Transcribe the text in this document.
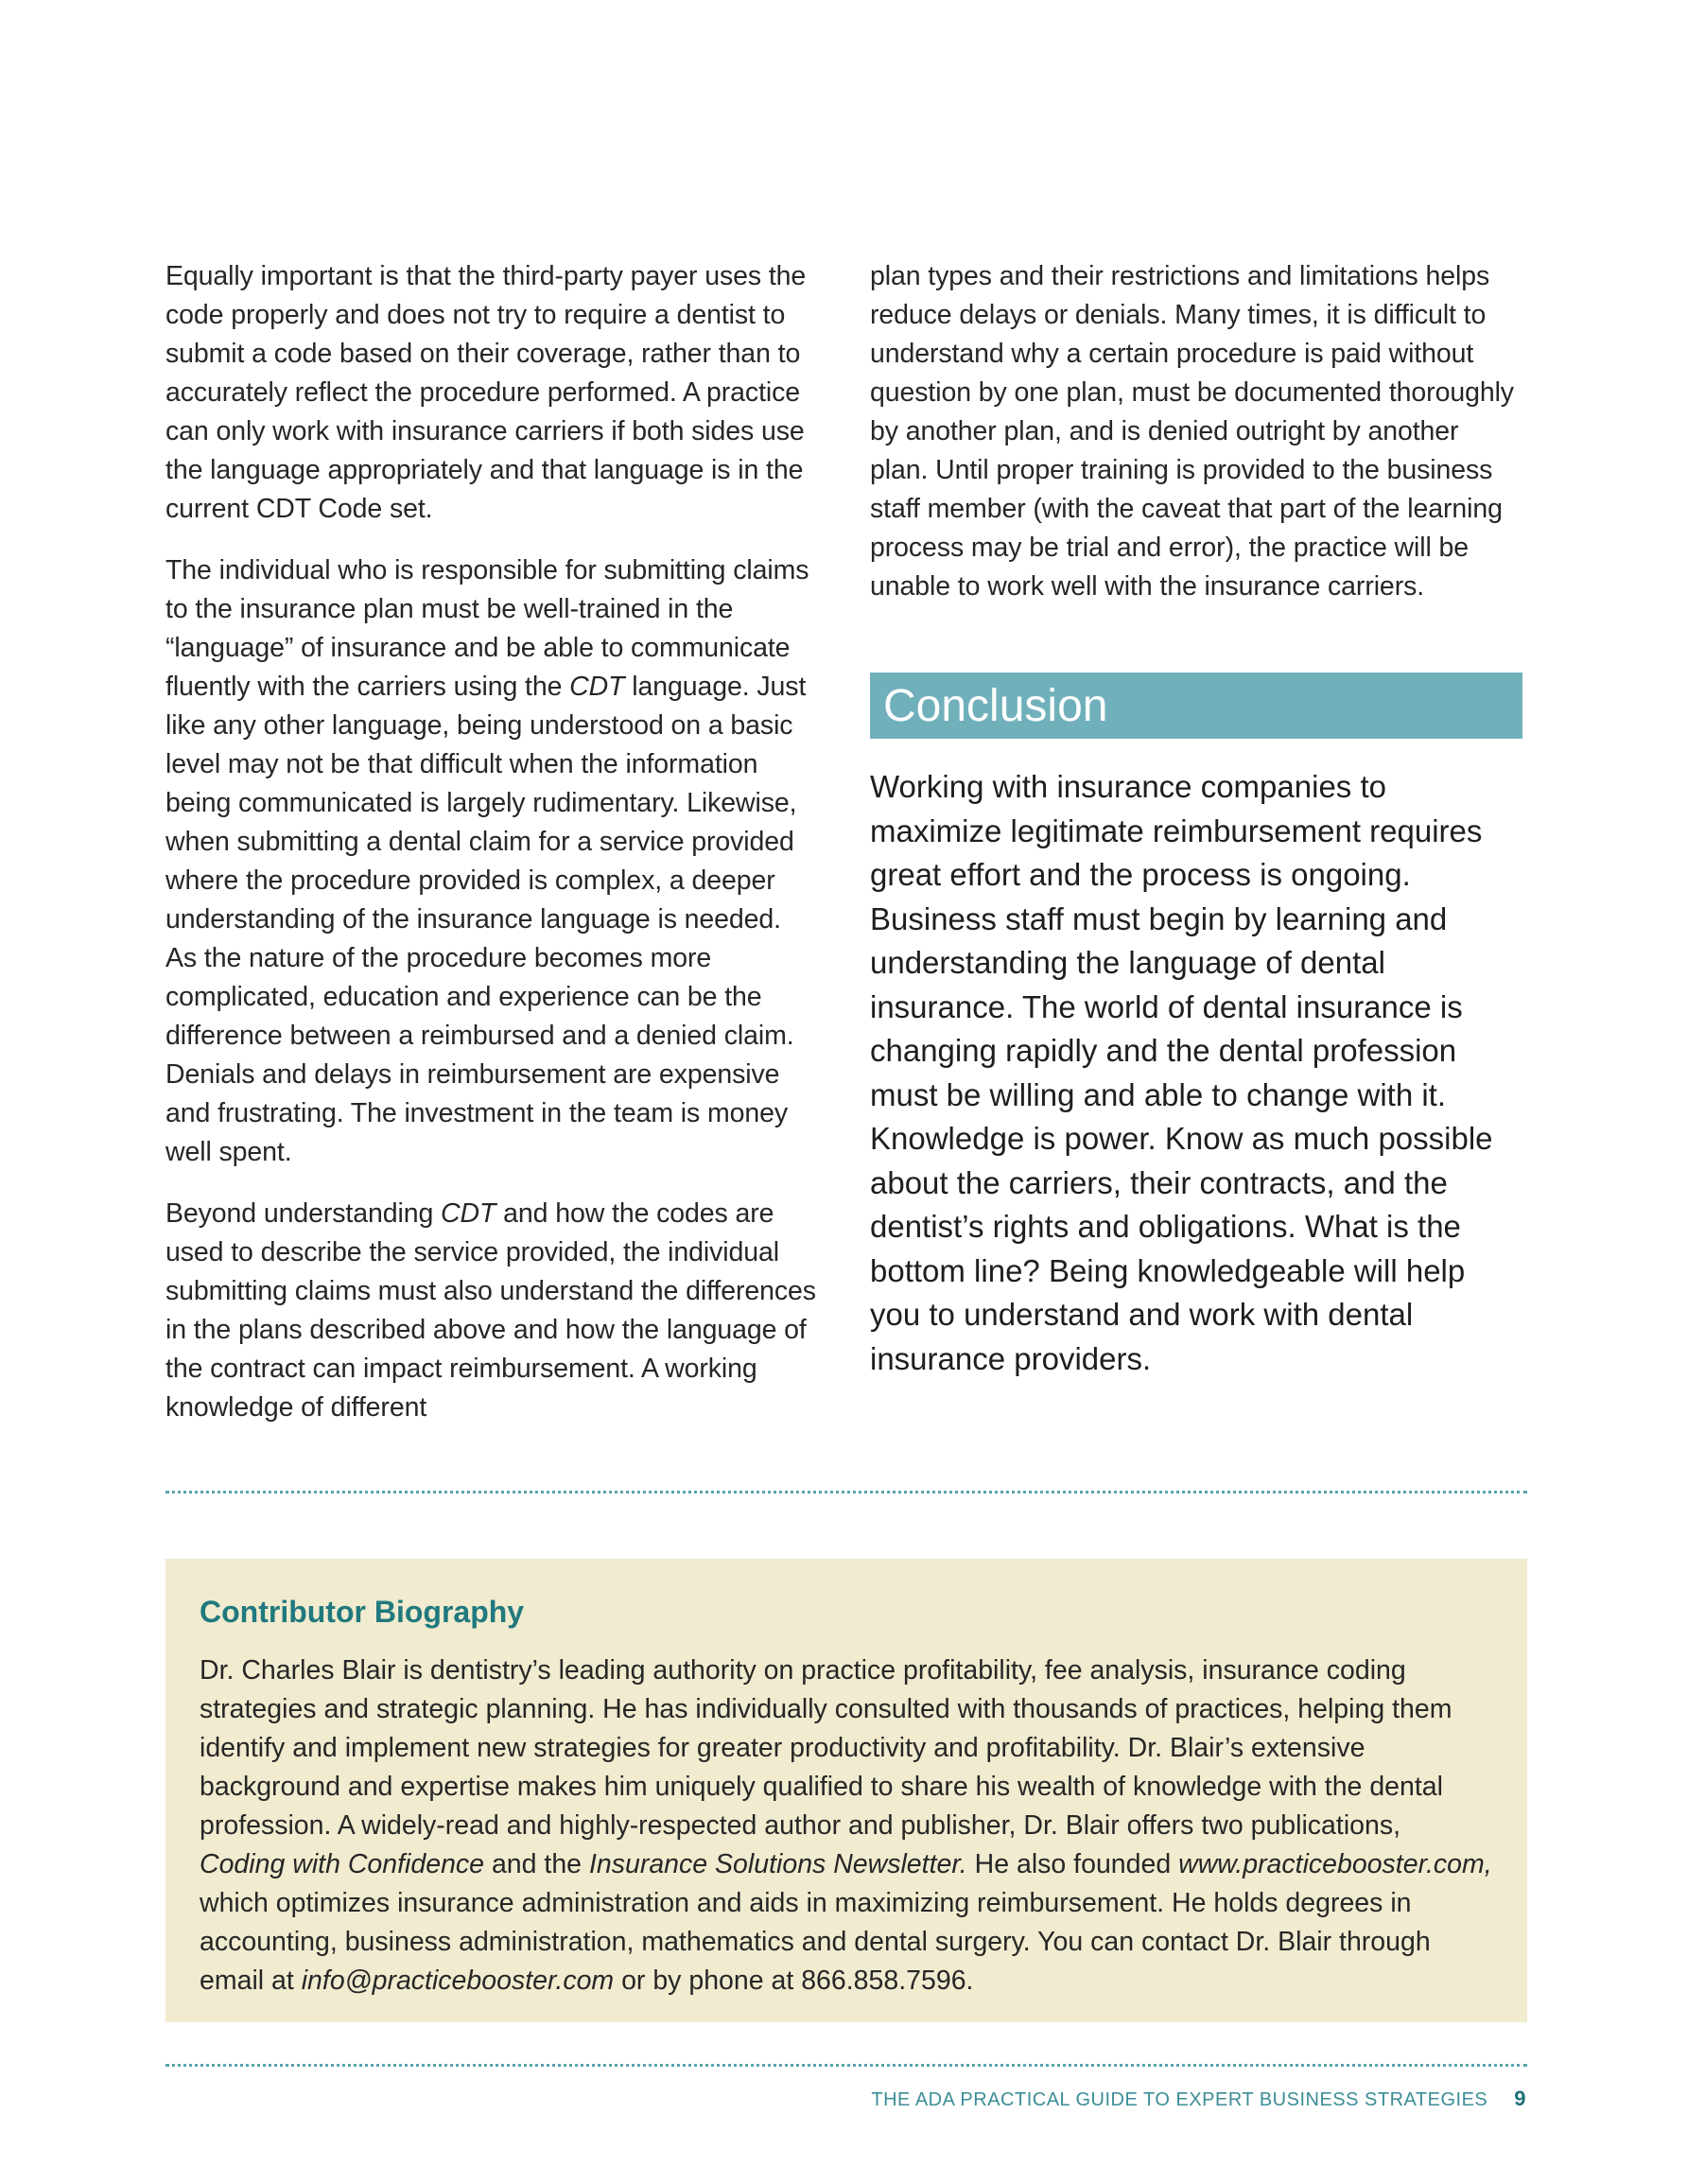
Equally important is that the third-party payer uses the code properly and does not try to require a dentist to submit a code based on their coverage, rather than to accurately reflect the procedure performed. A practice can only work with insurance carriers if both sides use the language appropriately and that language is in the current CDT Code set.

The individual who is responsible for submitting claims to the insurance plan must be well-trained in the “language” of insurance and be able to communicate fluently with the carriers using the CDT language. Just like any other language, being understood on a basic level may not be that difficult when the information being communicated is largely rudimentary. Likewise, when submitting a dental claim for a service provided where the procedure provided is complex, a deeper understanding of the insurance language is needed. As the nature of the procedure becomes more complicated, education and experience can be the difference between a reimbursed and a denied claim. Denials and delays in reimbursement are expensive and frustrating. The investment in the team is money well spent.

Beyond understanding CDT and how the codes are used to describe the service provided, the individual submitting claims must also understand the differences in the plans described above and how the language of the contract can impact reimbursement. A working knowledge of different

plan types and their restrictions and limitations helps reduce delays or denials. Many times, it is difficult to understand why a certain procedure is paid without question by one plan, must be documented thoroughly by another plan, and is denied outright by another plan. Until proper training is provided to the business staff member (with the caveat that part of the learning process may be trial and error), the practice will be unable to work well with the insurance carriers.

Conclusion

Working with insurance companies to maximize legitimate reimbursement requires great effort and the process is ongoing. Business staff must begin by learning and understanding the language of dental insurance. The world of dental insurance is changing rapidly and the dental profession must be willing and able to change with it. Knowledge is power. Know as much possible about the carriers, their contracts, and the dentist’s rights and obligations. What is the bottom line? Being knowledgeable will help you to understand and work with dental insurance providers.

Contributor Biography

Dr. Charles Blair is dentistry’s leading authority on practice profitability, fee analysis, insurance coding strategies and strategic planning. He has individually consulted with thousands of practices, helping them identify and implement new strategies for greater productivity and profitability. Dr. Blair’s extensive background and expertise makes him uniquely qualified to share his wealth of knowledge with the dental profession. A widely-read and highly-respected author and publisher, Dr. Blair offers two publications, Coding with Confidence and the Insurance Solutions Newsletter. He also founded www.practicebooster.com, which optimizes insurance administration and aids in maximizing reimbursement. He holds degrees in accounting, business administration, mathematics and dental surgery. You can contact Dr. Blair through email at info@practicebooster.com or by phone at 866.858.7596.

THE ADA PRACTICAL GUIDE TO EXPERT BUSINESS STRATEGIES 9
